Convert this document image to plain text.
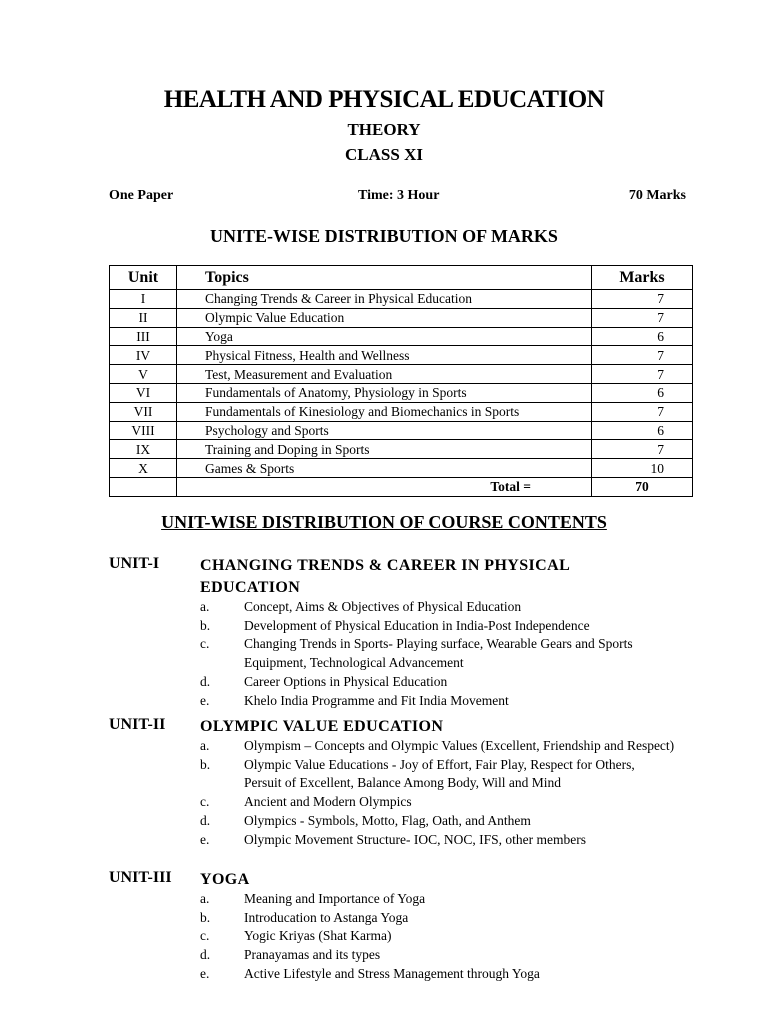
HEALTH AND PHYSICAL EDUCATION
THEORY
CLASS XI
One Paper	Time: 3 Hour	70 Marks
UNITE-WISE DISTRIBUTION OF MARKS
Unit	Topics	Marks
I	Changing Trends & Career in Physical Education	7
II	Olympic Value Education	7
III	Yoga	6
IV	Physical Fitness, Health and Wellness	7
V	Test, Measurement and Evaluation	7
VI	Fundamentals of Anatomy, Physiology in Sports	6
VII	Fundamentals of Kinesiology and Biomechanics in Sports	7
VIII	Psychology and Sports	6
IX	Training and Doping in Sports	7
X	Games & Sports	10
	Total =	70
UNIT-WISE DISTRIBUTION OF COURSE CONTENTS
UNIT-I	CHANGING TRENDS & CAREER IN PHYSICAL EDUCATION
a.	Concept, Aims & Objectives of Physical Education
b.	Development of Physical Education in India-Post Independence
c.	Changing Trends in Sports- Playing surface, Wearable Gears and Sports Equipment, Technological Advancement
d.	Career Options in Physical Education
e.	Khelo India Programme and Fit India Movement
UNIT-II OLYMPIC VALUE EDUCATION
a.	Olympism – Concepts and Olympic Values (Excellent, Friendship and Respect)
b.	Olympic Value Educations - Joy of Effort, Fair Play, Respect for Others, Persuit of Excellent, Balance Among Body, Will and Mind
c.	Ancient and Modern Olympics
d.	Olympics - Symbols, Motto, Flag, Oath, and Anthem
e.	Olympic Movement Structure- IOC, NOC, IFS, other members
UNIT-III YOGA
a.	Meaning and Importance of Yoga
b.	Introducation to Astanga Yoga
c.	Yogic Kriyas (Shat Karma)
d.	Pranayamas and its types
e.	Active Lifestyle and Stress Management through Yoga
